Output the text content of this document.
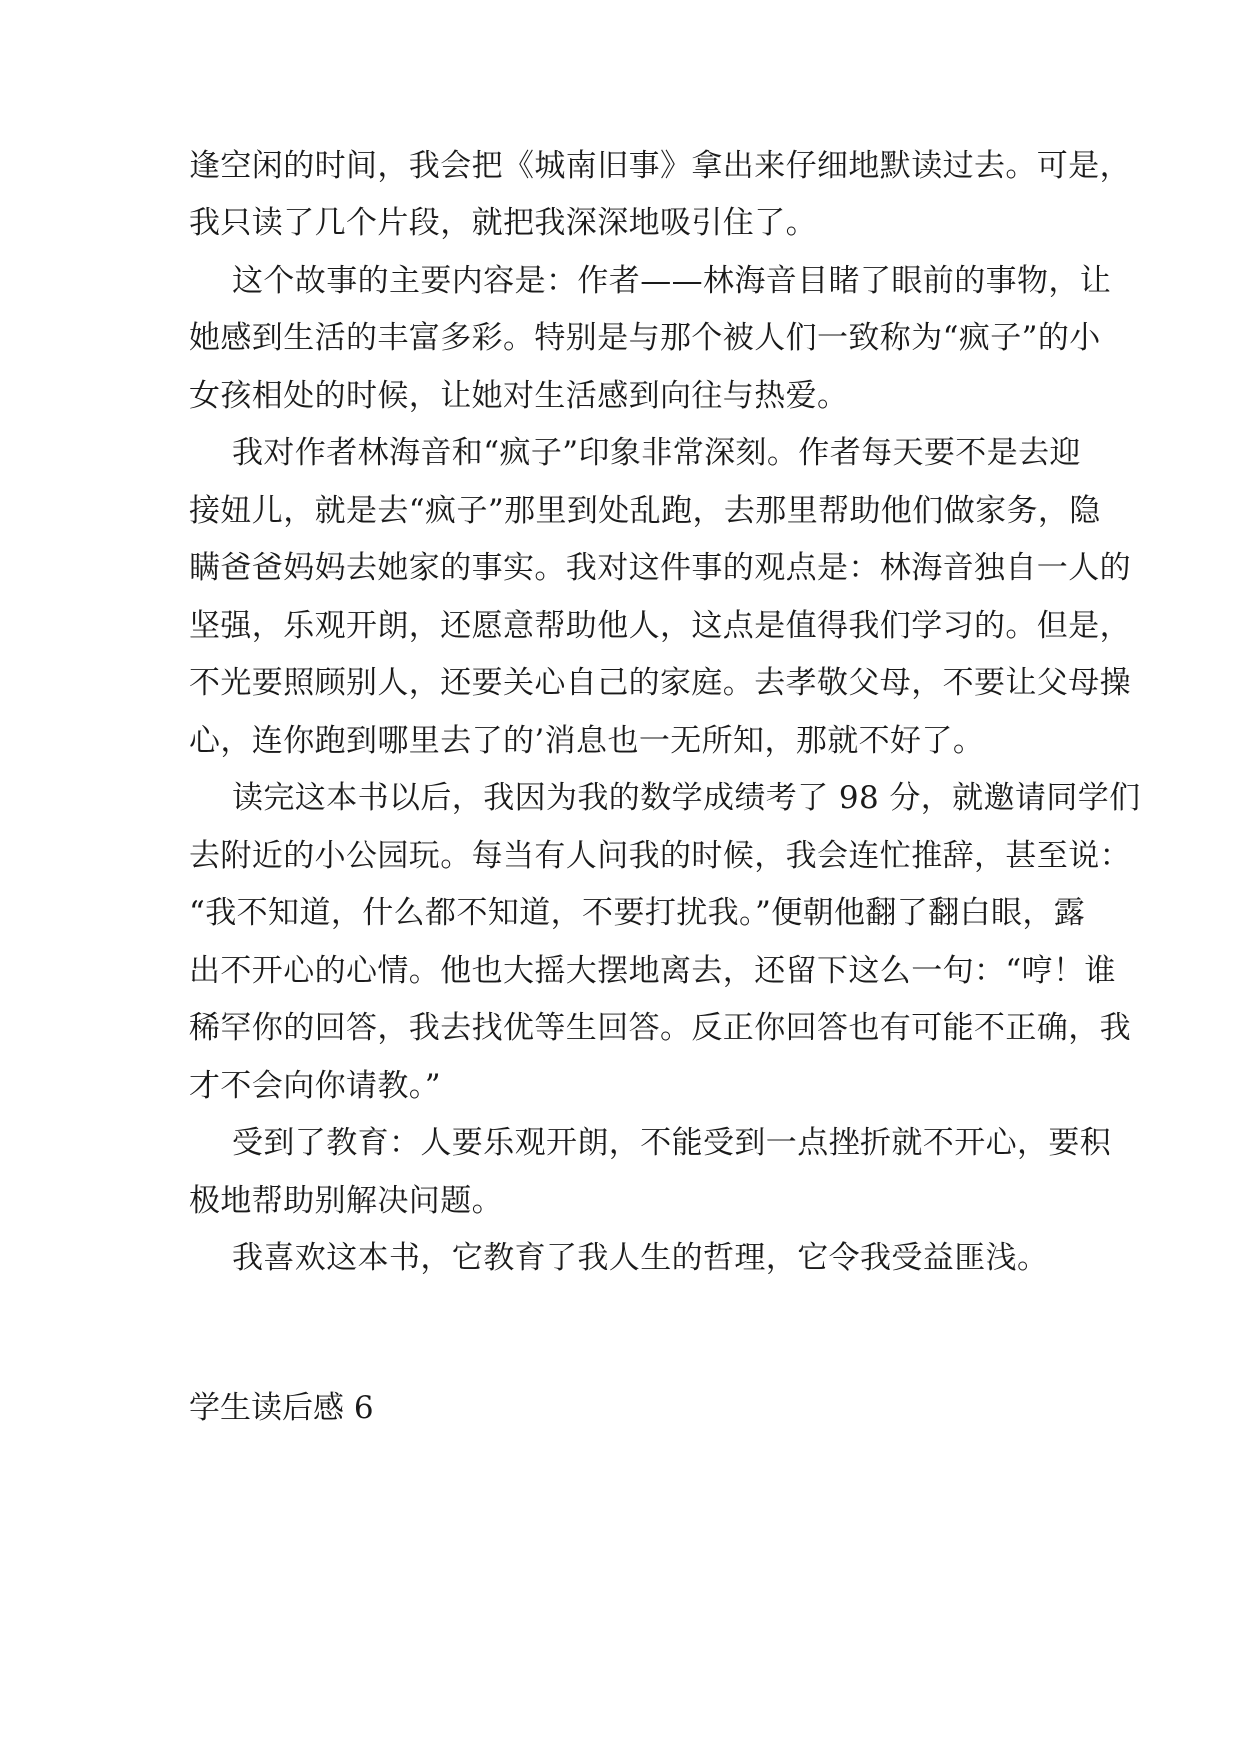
逢空闲的时间，我会把《城南旧事》拿出来仔细地默读过去。可是，
我只读了几个片段，就把我深深地吸引住了。
这个故事的主要内容是：作者——林海音目睹了眼前的事物，让
她感到生活的丰富多彩。特别是与那个被人们一致称为“疯子”的小
女孩相处的时候，让她对生活感到向往与热爱。
我对作者林海音和“疯子”印象非常深刻。作者每天要不是去迎
接妞儿，就是去“疯子”那里到处乱跑，去那里帮助他们做家务，隐
瞒爸爸妈妈去她家的事实。我对这件事的观点是：林海音独自一人的
坚强，乐观开朗，还愿意帮助他人，这点是值得我们学习的。但是，
不光要照顾别人，还要关心自己的家庭。去孝敬父母，不要让父母操
心，连你跑到哪里去了的’消息也一无所知，那就不好了。
读完这本书以后，我因为我的数学成绩考了 98 分，就邀请同学们
去附近的小公园玩。每当有人问我的时候，我会连忙推辞，甚至说：
“我不知道，什么都不知道，不要打扰我。”便朝他翻了翻白眼，露
出不开心的心情。他也大摇大摆地离去，还留下这么一句：“哼！谁
稀罕你的回答，我去找优等生回答。反正你回答也有可能不正确，我
才不会向你请教。”
受到了教育：人要乐观开朗，不能受到一点挫折就不开心，要积
极地帮助别解决问题。
我喜欢这本书，它教育了我人生的哲理，它令我受益匪浅。
学生读后感 6
